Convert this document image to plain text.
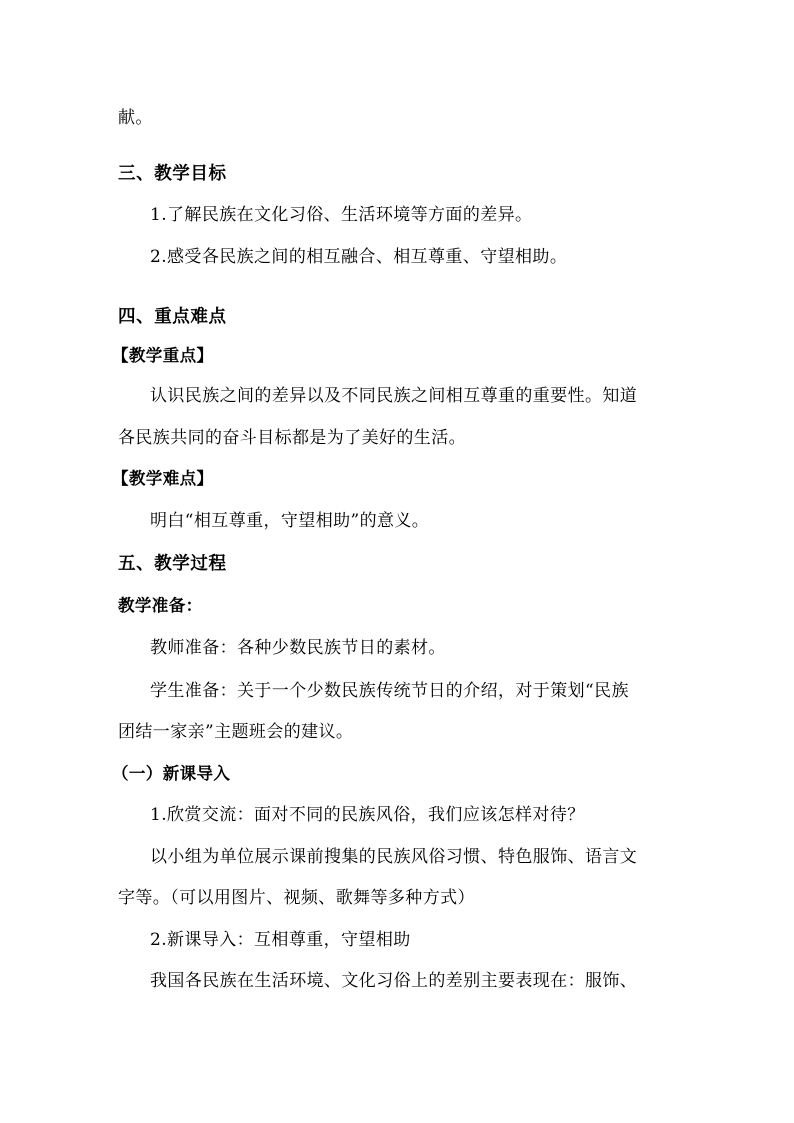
献。
三、教学目标
1.了解民族在文化习俗、生活环境等方面的差异。
2.感受各民族之间的相互融合、相互尊重、守望相助。
四、重点难点
【教学重点】
认识民族之间的差异以及不同民族之间相互尊重的重要性。知道
各民族共同的奋斗目标都是为了美好的生活。
【教学难点】
明白“相互尊重，守望相助”的意义。
五、教学过程
教学准备：
教师准备：各种少数民族节日的素材。
学生准备：关于一个少数民族传统节日的介绍，对于策划“民族
团结一家亲”主题班会的建议。
（一）新课导入
1.欣赏交流：面对不同的民族风俗，我们应该怎样对待？
以小组为单位展示课前搜集的民族风俗习惯、特色服饰、语言文
字等。（可以用图片、视频、歌舞等多种方式）
2.新课导入：互相尊重，守望相助
我国各民族在生活环境、文化习俗上的差别主要表现在：服饰、
